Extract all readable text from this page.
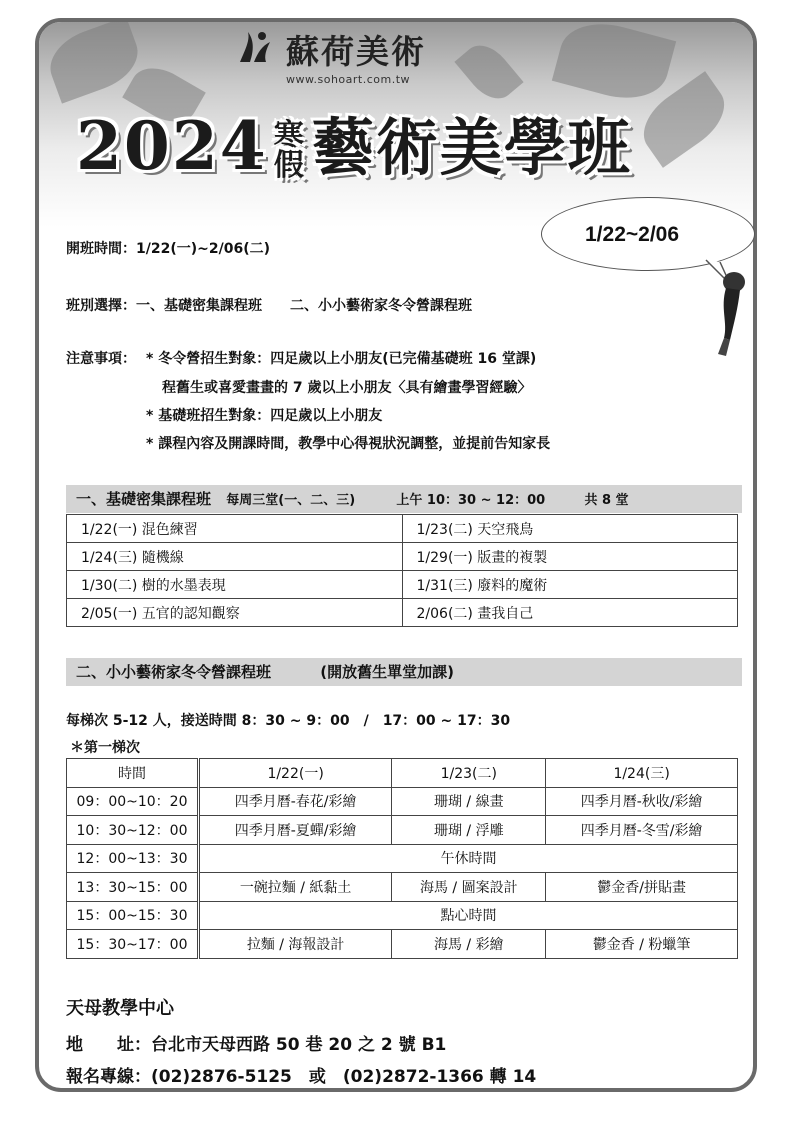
蘇荷美術
www.sohoart.com.tw
2024 寒
假藝術美學班
1/22~2/06
開班時間：1/22(一)~2/06(二)
班別選擇：一、基礎密集課程班　　二、小小藝術家冬令營課程班
注意事項： * 冬令營招生對象：四足歲以上小朋友(已完備基礎班 16 堂課)
程舊生或喜愛畫畫的 7 歲以上小朋友〈具有繪畫學習經驗〉
* 基礎班招生對象：四足歲以上小朋友
* 課程內容及開課時間，教學中心得視狀況調整，並提前告知家長
一、基礎密集課程班 每周三堂(一、二、三)	上午 10：30 ~ 12：00	共 8 堂
1/22(一) 混色練習	1/23(二) 天空飛鳥
1/24(三) 隨機線	1/29(一) 版畫的複製
1/30(二) 樹的水墨表現	1/31(三) 廢料的魔術
2/05(一) 五官的認知觀察	2/06(二) 畫我自己
二、小小藝術家冬令營課程班	(開放舊生單堂加課)
每梯次 5-12 人，接送時間 8：30 ~ 9：00　/　17：00 ~ 17：30
＊第一梯次
時間	1/22(一)	1/23(二)	1/24(三)
09：00~10：20	四季月曆-春花/彩繪	珊瑚 / 線畫	四季月曆-秋收/彩繪
10：30~12：00	四季月曆-夏蟬/彩繪	珊瑚 / 浮雕	四季月曆-冬雪/彩繪
12：00~13：30	午休時間		
13：30~15：00	一碗拉麵 / 紙黏土	海馬 / 圖案設計	鬱金香/拼貼畫
15：00~15：30	點心時間		
15：30~17：00	拉麵 / 海報設計	海馬 / 彩繪	鬱金香 / 粉蠟筆
天母教學中心
地　　址：台北市天母西路 50 巷 20 之 2 號 B1
報名專線：(02)2876-5125　或　(02)2872-1366 轉 14
